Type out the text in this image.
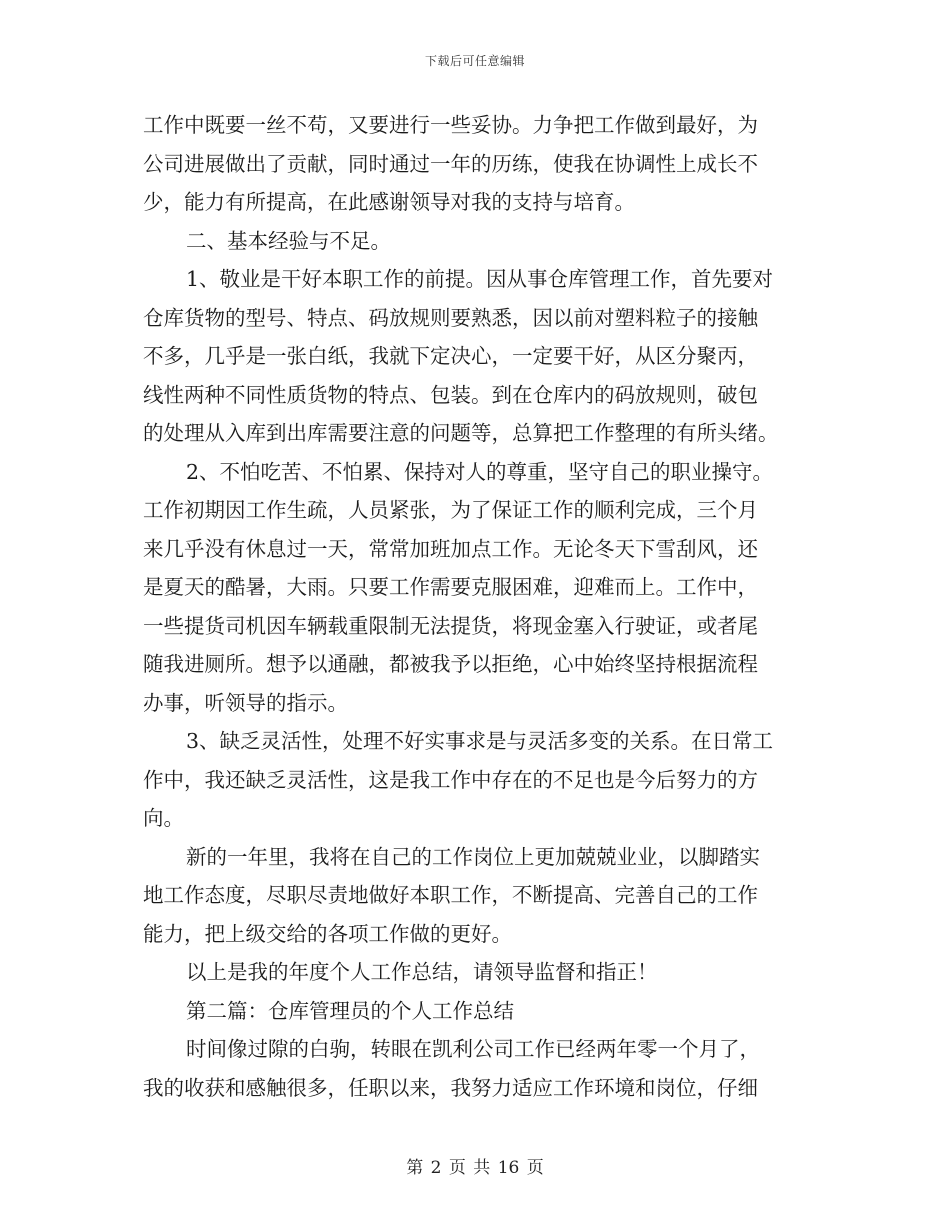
下载后可任意编辑
工作中既要一丝不苟，又要进行一些妥协。力争把工作做到最好，为
公司进展做出了贡献，同时通过一年的历练，使我在协调性上成长不
少，能力有所提高，在此感谢领导对我的支持与培育。
二、基本经验与不足。
1、敬业是干好本职工作的前提。因从事仓库管理工作，首先要对
仓库货物的型号、特点、码放规则要熟悉，因以前对塑料粒子的接触
不多，几乎是一张白纸，我就下定决心，一定要干好，从区分聚丙，
线性两种不同性质货物的特点、包装。到在仓库内的码放规则，破包
的处理从入库到出库需要注意的问题等，总算把工作整理的有所头绪。
2、不怕吃苦、不怕累、保持对人的尊重，坚守自己的职业操守。
工作初期因工作生疏，人员紧张，为了保证工作的顺利完成，三个月
来几乎没有休息过一天，常常加班加点工作。无论冬天下雪刮风，还
是夏天的酷暑，大雨。只要工作需要克服困难，迎难而上。工作中，
一些提货司机因车辆载重限制无法提货，将现金塞入行驶证，或者尾
随我进厕所。想予以通融，都被我予以拒绝，心中始终坚持根据流程
办事，听领导的指示。
3、缺乏灵活性，处理不好实事求是与灵活多变的关系。在日常工
作中，我还缺乏灵活性，这是我工作中存在的不足也是今后努力的方
向。
新的一年里，我将在自己的工作岗位上更加兢兢业业，以脚踏实
地工作态度，尽职尽责地做好本职工作，不断提高、完善自己的工作
能力，把上级交给的各项工作做的更好。
以上是我的年度个人工作总结，请领导监督和指正！
第二篇：仓库管理员的个人工作总结
时间像过隙的白驹，转眼在凯利公司工作已经两年零一个月了，
我的收获和感触很多，任职以来，我努力适应工作环境和岗位，仔细
第 2 页 共 16 页
